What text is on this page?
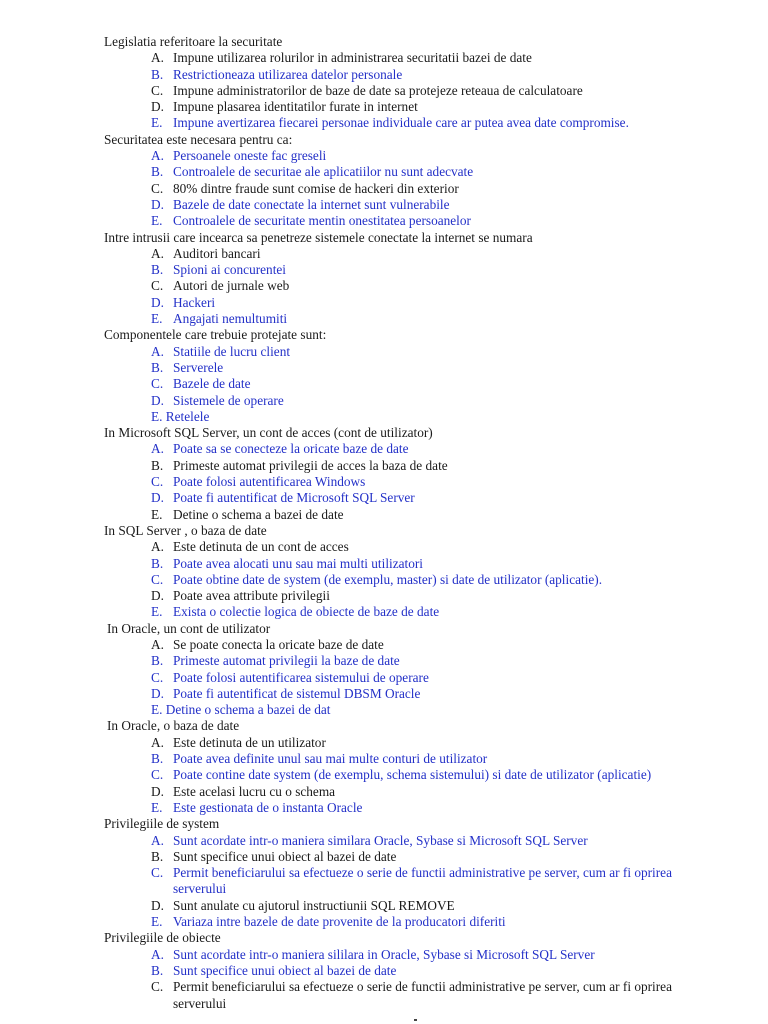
Legislatia referitoare la securitate

A. Impune utilizarea rolurilor in administrarea securitatii bazei de date
B. Restrictioneaza utilizarea datelor personale
C. Impune administratorilor de baze de date sa protejeze reteaua de calculatoare
D. Impune plasarea identitatilor furate in internet
E. Impune avertizarea fiecarei personae individuale care ar putea avea date compromise.

Securitatea este necesara pentru ca:

A. Persoanele oneste fac greseli
B. Controalele de securitae ale aplicatiilor nu sunt adecvate
C. 80% dintre fraude sunt comise de hackeri din exterior
D. Bazele de date conectate la internet sunt vulnerabile
E. Controalele de securitate mentin onestitatea persoanelor

Intre intrusii care incearca sa penetreze sistemele conectate la internet se numara

A. Auditori bancari
B. Spioni ai concurentei
C. Autori de jurnale web
D. Hackeri
E. Angajati nemultumiti

Componentele care trebuie protejate sunt:

A. Statiile de lucru client
B. Serverele
C. Bazele de date
D. Sistemele de operare
E. Retelele

In Microsoft SQL Server, un cont de acces (cont de utilizator)

A. Poate sa se conecteze la oricate baze de date
B. Primeste automat privilegii de acces la baza de date
C. Poate folosi autentificarea Windows
D. Poate fi autentificat de Microsoft SQL Server
E. Detine o schema a bazei de date

In SQL Server , o baza de date

A. Este detinuta de un cont de acces
B. Poate avea alocati unu sau mai multi utilizatori
C. Poate obtine date de system (de exemplu, master) si date de utilizator (aplicatie).
D. Poate avea attribute privilegii
E. Exista o colectie logica de obiecte de baze de date

In Oracle, un cont de utilizator

A. Se poate conecta la oricate baze de date
B. Primeste automat privilegii la baze de date
C. Poate folosi autentificarea sistemului de operare
D. Poate fi autentificat de sistemul DBSM Oracle
E. Detine o schema a bazei de dat

In Oracle, o baza de date

A. Este detinuta de un utilizator
B. Poate avea definite unul sau mai multe conturi de utilizator
C. Poate contine date system (de exemplu, schema sistemului) si date de utilizator (aplicatie)
D. Este acelasi lucru cu o schema
E. Este gestionata de o instanta Oracle

Privilegiile de system

A. Sunt acordate intr-o maniera similara Oracle, Sybase si Microsoft SQL Server
B. Sunt specifice unui obiect al bazei de date
C. Permit beneficiarului sa efectueze o serie de functii administrative pe server, cum ar fi oprirea serverului
D. Sunt anulate cu ajutorul instructiunii SQL REMOVE
E. Variaza intre bazele de date provenite de la producatori diferiti

Privilegiile de obiecte

A. Sunt acordate intr-o maniera sililara in Oracle, Sybase si Microsoft SQL Server
B. Sunt specifice unui obiect al bazei de date
C. Permit beneficiarului sa efectueze o serie de functii administrative pe server, cum ar fi oprirea serverului
